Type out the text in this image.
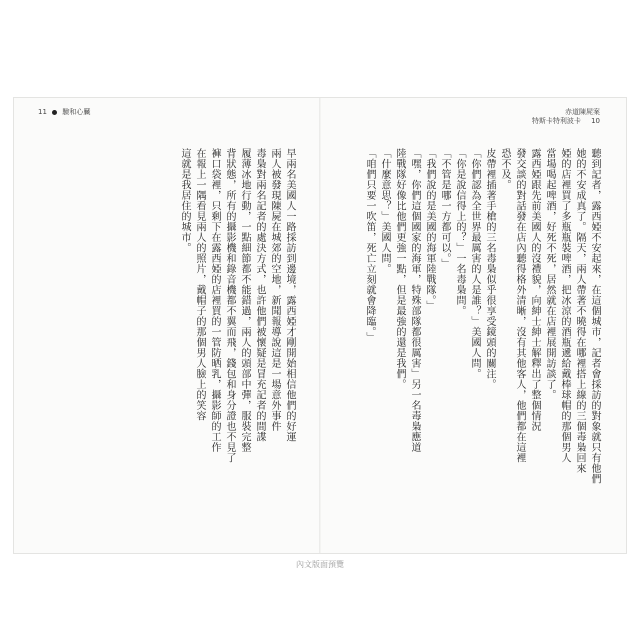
11 驗和心臟	赤道陳屍案
特斯卡特利波卡 10
早兩名美國人一路採訪到邊境，露西婭才剛開始相信他們的好運
兩人被發現陳屍在城郊的空地，新聞報導說這是一場意外事件
毒梟對兩名記者的處決方式，也許他們被懷疑是冒充記者的間諜
履薄冰地行動，一點細節都不能錯過，兩人的頭部中彈，服裝完整
背狀態，所有的攝影機和錄音機都不翼而飛，錢包和身分證也不見了
褲口袋裡，只剩下在露西婭的店裡買的一管防晒乳，攝影師的工作
在報上一隅看見兩人的照片，戴帽子的那個男人臉上的笑容
這就是我居住的城市。	聽到記者，露西婭不安起來，在這個城市，記者會採訪的對象就只有他們
她的不安成真了。隔天，兩人帶著不曉得在哪裡搭上線的三個毒梟回來
婭的店裡買了多瓶瓶裝啤酒，把冰涼的酒瓶遞給戴棒球帽的那個男人
當場喝起啤酒，好死不死，居然就在店裡展開訪談了。
露西婭跟先前美國人的沒禮貌，向紳士紳士解釋出了整個情況
發交談的對話發在店內聽得格外清晰，沒有其他客人，他們都在這裡
恐不及。
皮帶裡插著手槍的三名毒梟似乎很享受鏡頭的關注。
「你們認為全世界最厲害的人是誰？」美國人問。
「你是說信得上的？」一名毒梟問。
「不管是哪一方都可以。」
「我們說的是美國的海軍陸戰隊。」
「嘿，你們這個國家的海軍，特殊部隊都很厲害」另一名毒梟應道
陸戰隊好像比他們更強一點，但是最強的還是我們。
「什麼意思？」美國人問。
「咱們只要一吹笛，死亡立刻就會降臨。」
內文版面預覽
